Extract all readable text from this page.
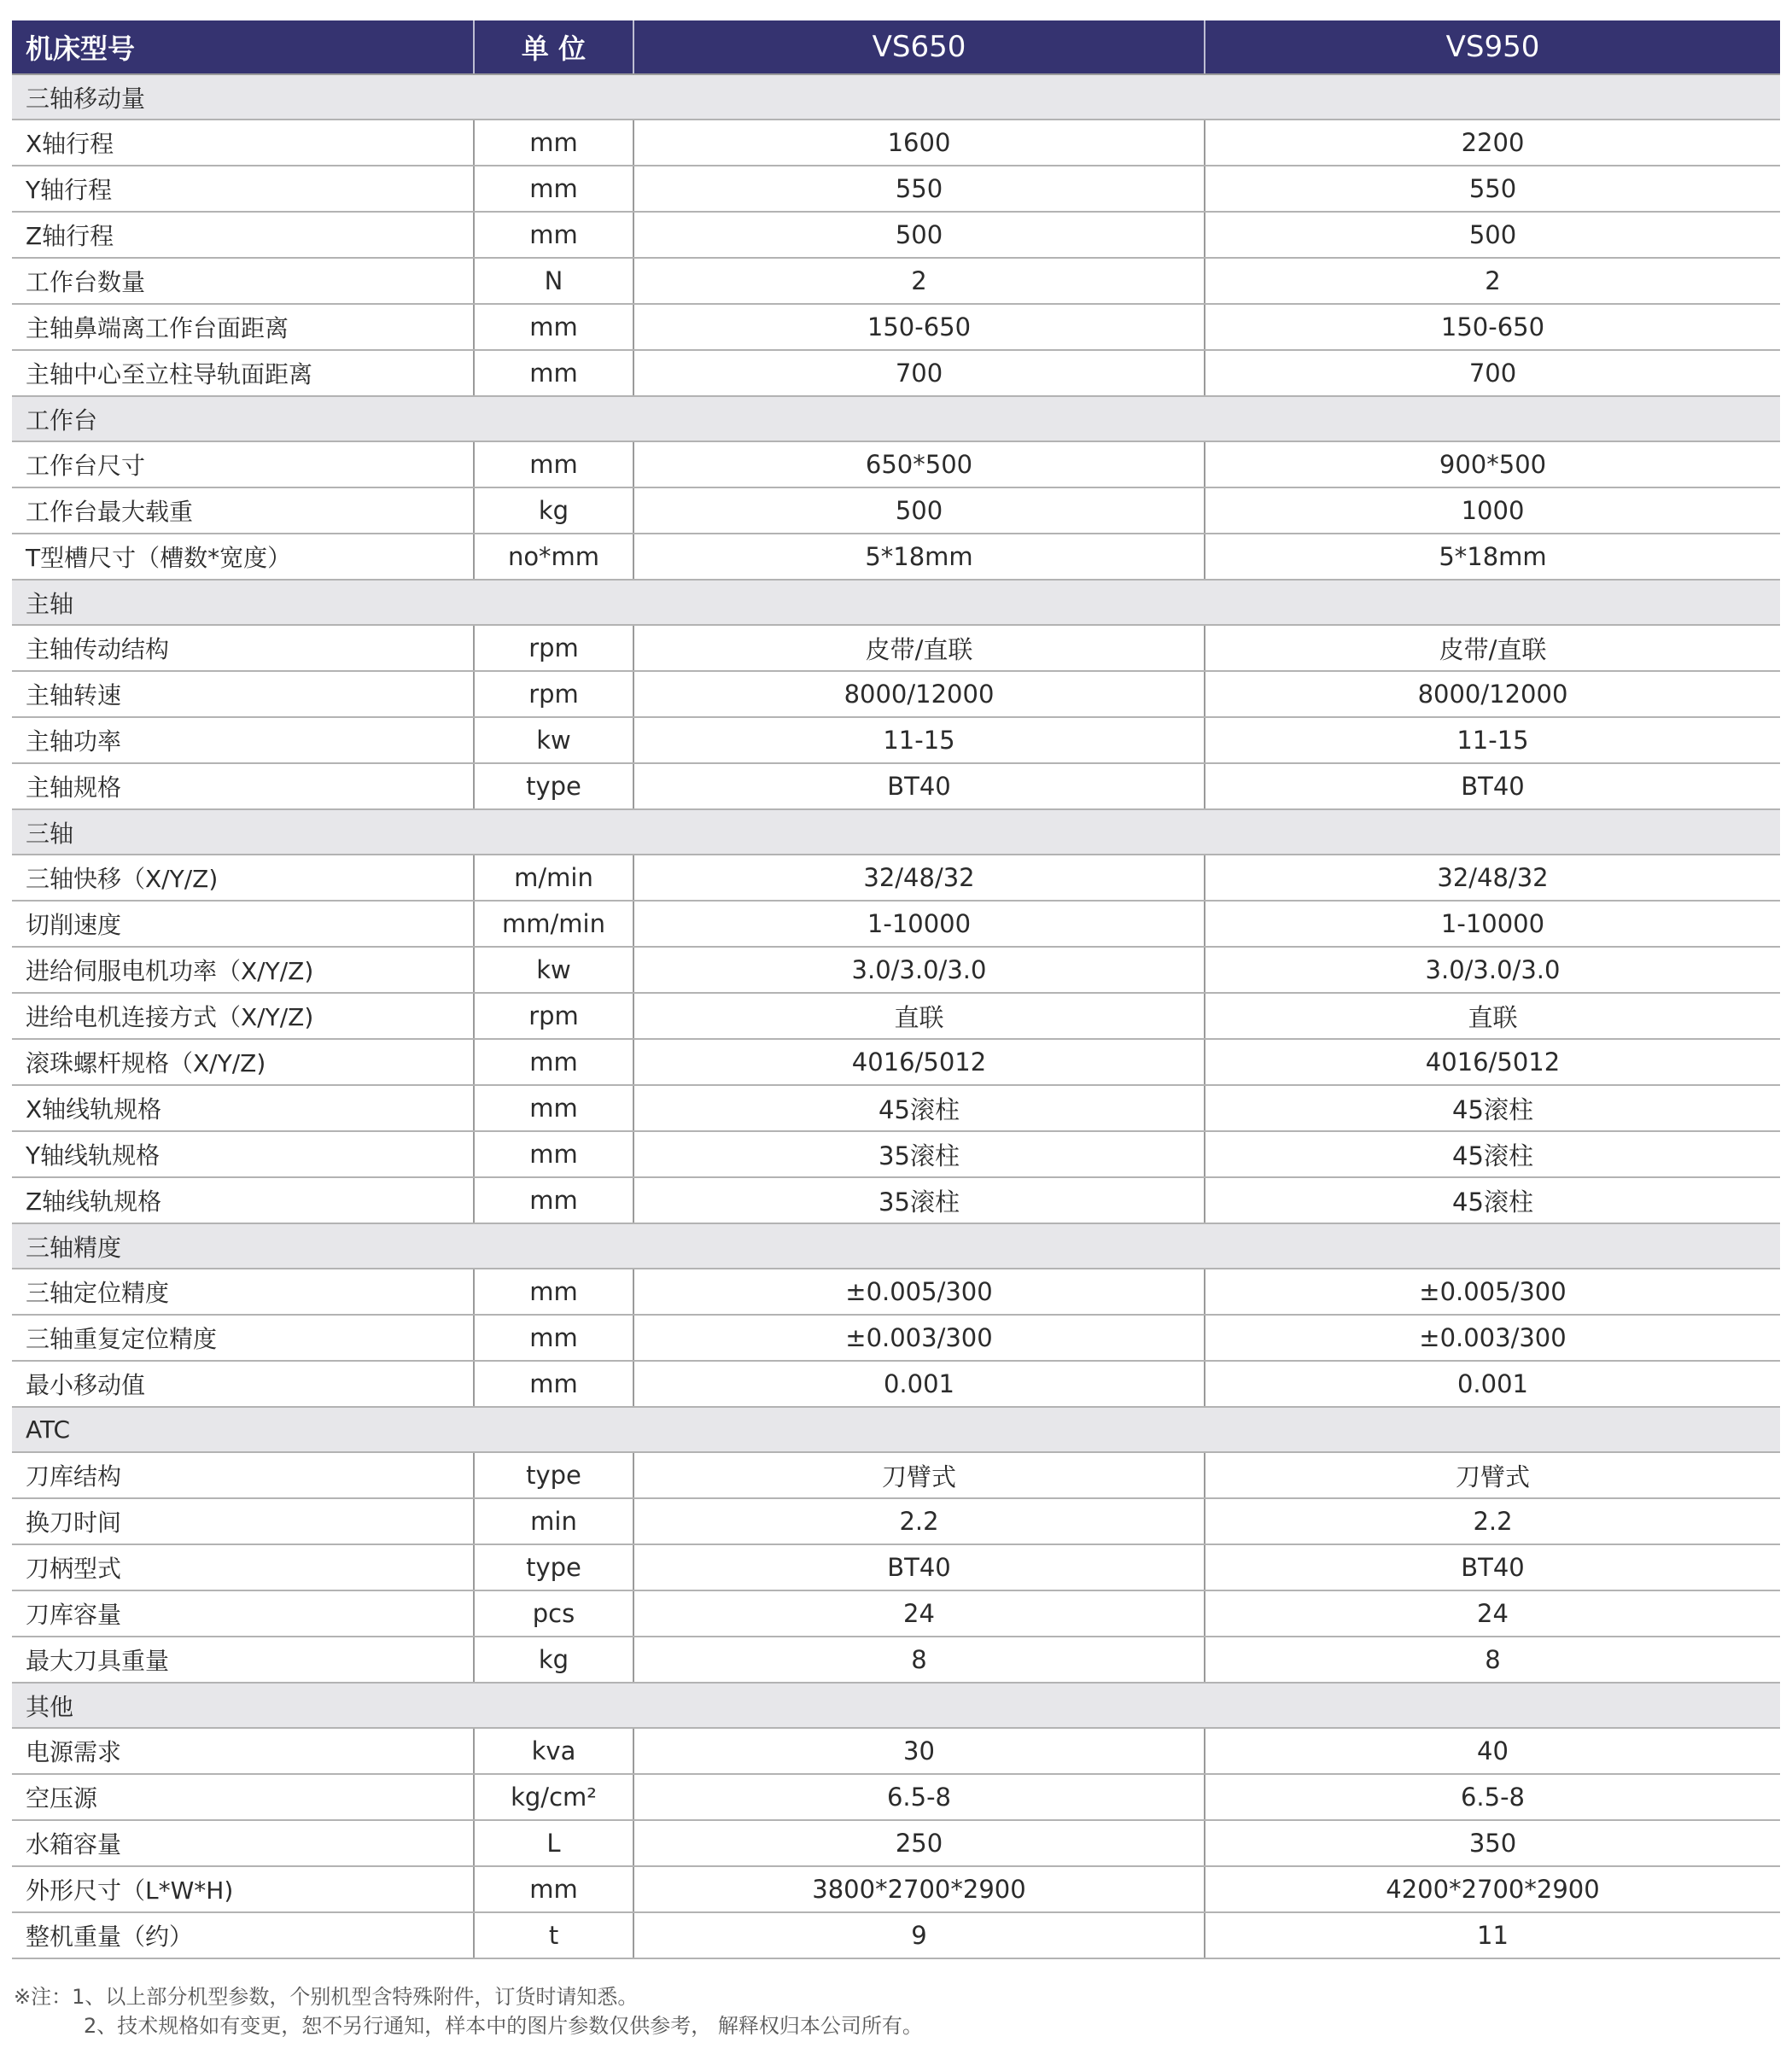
机床型号	单 位	VS650	VS950
三轴移动量			
X轴行程	mm	1600	2200
Y轴行程	mm	550	550
Z轴行程	mm	500	500
工作台数量	N	2	2
主轴鼻端离工作台面距离	mm	150-650	150-650
主轴中心至立柱导轨面距离	mm	700	700
工作台			
工作台尺寸	mm	650*500	900*500
工作台最大载重	kg	500	1000
T型槽尺寸（槽数*宽度）	no*mm	5*18mm	5*18mm
主轴			
主轴传动结构	rpm	皮带/直联	皮带/直联
主轴转速	rpm	8000/12000	8000/12000
主轴功率	kw	11-15	11-15
主轴规格	type	BT40	BT40
三轴			
三轴快移（X/Y/Z)	m/min	32/48/32	32/48/32
切削速度	mm/min	1-10000	1-10000
进给伺服电机功率（X/Y/Z)	kw	3.0/3.0/3.0	3.0/3.0/3.0
进给电机连接方式（X/Y/Z)	rpm	直联	直联
滚珠螺杆规格（X/Y/Z)	mm	4016/5012	4016/5012
X轴线轨规格	mm	45滚柱	45滚柱
Y轴线轨规格	mm	35滚柱	45滚柱
Z轴线轨规格	mm	35滚柱	45滚柱
三轴精度			
三轴定位精度	mm	±0.005/300	±0.005/300
三轴重复定位精度	mm	±0.003/300	±0.003/300
最小移动值	mm	0.001	0.001
ATC			
刀库结构	type	刀臂式	刀臂式
换刀时间	min	2.2	2.2
刀柄型式	type	BT40	BT40
刀库容量	pcs	24	24
最大刀具重量	kg	8	8
其他			
电源需求	kva	30	40
空压源	kg/cm²	6.5-8	6.5-8
水箱容量	L	250	350
外形尺寸（L*W*H)	mm	3800*2700*2900	4200*2700*2900
整机重量（约）	t	9	11
※注：1、以上部分机型参数，个别机型含特殊附件，订货时请知悉。
2、技术规格如有变更，恕不另行通知，样本中的图片参数仅供参考， 解释权归本公司所有。
